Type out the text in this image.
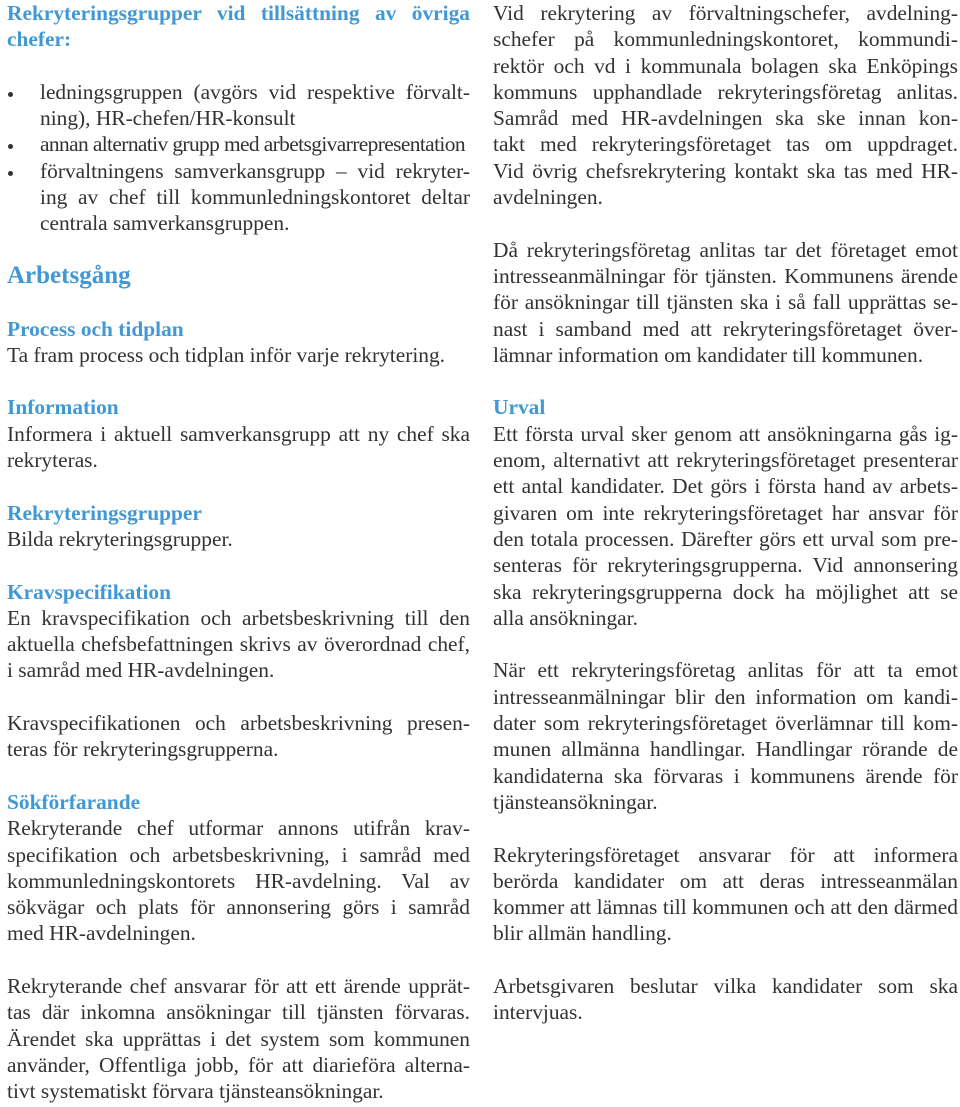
Rekryteringsgrupper vid tillsättning av övriga
chefer:
ledningsgruppen (avgörs vid respektive förvalt-
ning), HR-chefen/HR-konsult
annan alternativ grupp med arbetsgivarrepresentation
förvaltningens samverkansgrupp – vid rekryter-
ing av chef till kommunledningskontoret deltar
centrala samverkansgruppen.
Arbetsgång
Process och tidplan
Ta fram process och tidplan inför varje rekrytering.
Information
Informera i aktuell samverkansgrupp att ny chef ska
rekryteras.
Rekryteringsgrupper
Bilda rekryteringsgrupper.
Kravspecifikation
En kravspecifikation och arbetsbeskrivning till den
aktuella chefsbefattningen skrivs av överordnad chef,
i samråd med HR-avdelningen.
Kravspecifikationen och arbetsbeskrivning presen-
teras för rekryteringsgrupperna.
Sökförfarande
Rekryterande chef utformar annons utifrån krav-
specifikation och arbetsbeskrivning, i samråd med
kommunledningskontorets HR-avdelning. Val av
sökvägar och plats för annonsering görs i samråd
med HR-avdelningen.
Rekryterande chef ansvarar för att ett ärende upprät-
tas där inkomna ansökningar till tjänsten förvaras.
Ärendet ska upprättas i det system som kommunen
använder, Offentliga jobb, för att diarieföra alterna-
tivt systematiskt förvara tjänsteansökningar.
Vid rekrytering av förvaltningschefer, avdelning-
schefer på kommunledningskontoret, kommundi-
rektör och vd i kommunala bolagen ska Enköpings
kommuns upphandlade rekryteringsföretag anlitas.
Samråd med HR-avdelningen ska ske innan kon-
takt med rekryteringsföretaget tas om uppdraget.
Vid övrig chefsrekrytering kontakt ska tas med HR-
avdelningen.
Då rekryteringsföretag anlitas tar det företaget emot
intresseanmälningar för tjänsten. Kommunens ärende
för ansökningar till tjänsten ska i så fall upprättas se-
nast i samband med att rekryteringsföretaget över-
lämnar information om kandidater till kommunen.
Urval
Ett första urval sker genom att ansökningarna gås ig-
enom, alternativt att rekryteringsföretaget presenterar
ett antal kandidater. Det görs i första hand av arbets-
givaren om inte rekryteringsföretaget har ansvar för
den totala processen. Därefter görs ett urval som pre-
senteras för rekryteringsgrupperna. Vid annonsering
ska rekryteringsgrupperna dock ha möjlighet att se
alla ansökningar.
När ett rekryteringsföretag anlitas för att ta emot
intresseanmälningar blir den information om kandi-
dater som rekryteringsföretaget överlämnar till kom-
munen allmänna handlingar. Handlingar rörande de
kandidaterna ska förvaras i kommunens ärende för
tjänsteansökningar.
Rekryteringsföretaget ansvarar för att informera
berörda kandidater om att deras intresseanmälan
kommer att lämnas till kommunen och att den därmed
blir allmän handling.
Arbetsgivaren beslutar vilka kandidater som ska
intervjuas.
